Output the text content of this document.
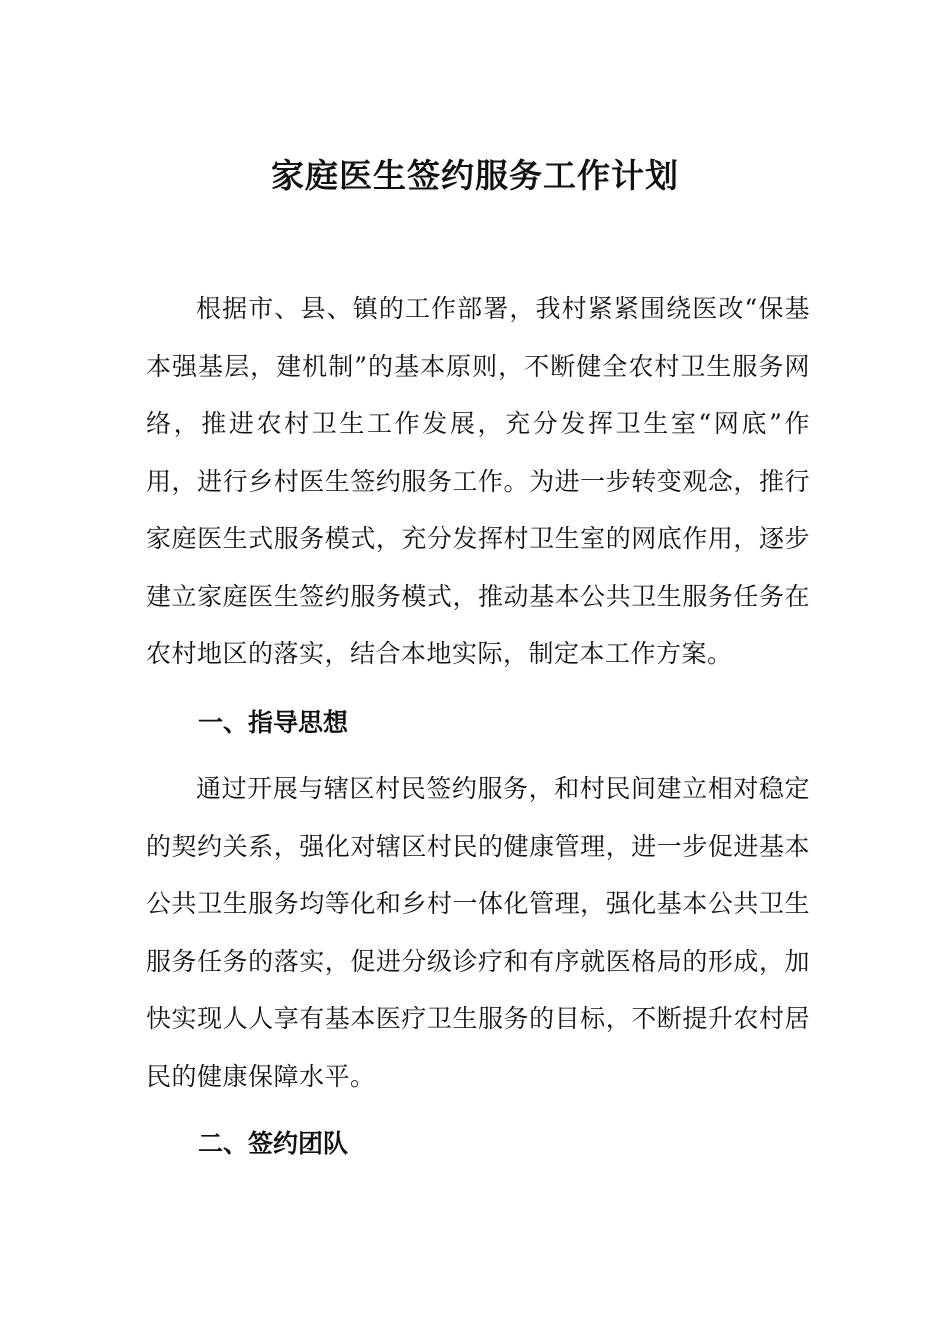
家庭医生签约服务工作计划

根据市、县、镇的工作部署，我村紧紧围绕医改“保基本强基层，建机制”的基本原则，不断健全农村卫生服务网络，推进农村卫生工作发展，充分发挥卫生室“网底”作用，进行乡村医生签约服务工作。为进一步转变观念，推行家庭医生式服务模式，充分发挥村卫生室的网底作用，逐步建立家庭医生签约服务模式，推动基本公共卫生服务任务在农村地区的落实，结合本地实际，制定本工作方案。

一、指导思想

通过开展与辖区村民签约服务，和村民间建立相对稳定的契约关系，强化对辖区村民的健康管理，进一步促进基本公共卫生服务均等化和乡村一体化管理，强化基本公共卫生服务任务的落实，促进分级诊疗和有序就医格局的形成，加快实现人人享有基本医疗卫生服务的目标，不断提升农村居民的健康保障水平。

二、签约团队
